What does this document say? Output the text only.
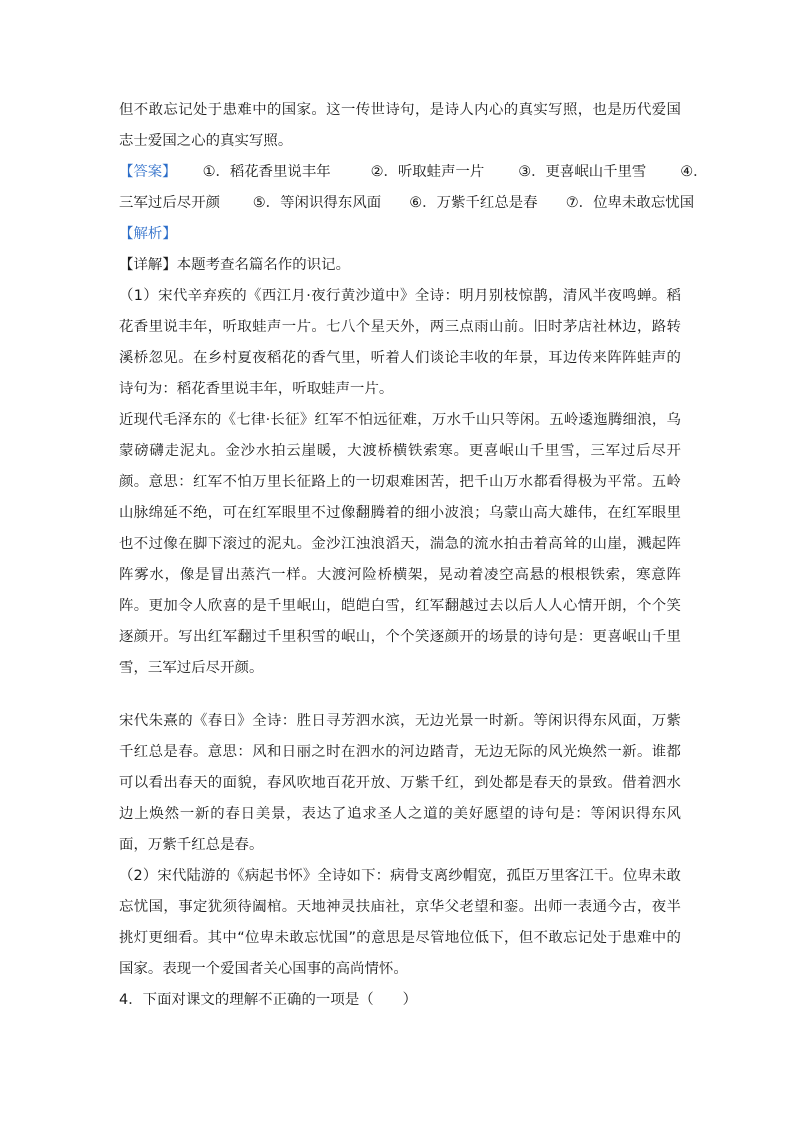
但不敢忘记处于患难中的国家。这一传世诗句，是诗人内心的真实写照，也是历代爱国志士爱国之心的真实写照。

【答案】 ①．稻花香里说丰年	②．听取蛙声一片 ③．更喜岷山千里雪 ④．

三军过后尽开颜 ⑤．等闲识得东风面 ⑥．万紫千红总是春 ⑦．位卑未敢忘忧国

【解析】

【详解】本题考查名篇名作的识记。

（1）宋代辛弃疾的《西江月·夜行黄沙道中》全诗：明月别枝惊鹊，清风半夜鸣蝉。稻花香里说丰年，听取蛙声一片。七八个星天外，两三点雨山前。旧时茅店社林边，路转溪桥忽见。在乡村夏夜稻花的香气里，听着人们谈论丰收的年景，耳边传来阵阵蛙声的诗句为：稻花香里说丰年，听取蛙声一片。

近现代毛泽东的《七律·长征》红军不怕远征难，万水千山只等闲。五岭逶迤腾细浪，乌蒙磅礴走泥丸。金沙水拍云崖暖，大渡桥横铁索寒。更喜岷山千里雪，三军过后尽开颜。意思：红军不怕万里长征路上的一切艰难困苦，把千山万水都看得极为平常。五岭山脉绵延不绝，可在红军眼里不过像翻腾着的细小波浪；乌蒙山高大雄伟，在红军眼里也不过像在脚下滚过的泥丸。金沙江浊浪滔天，湍急的流水拍击着高耸的山崖，溅起阵阵雾水，像是冒出蒸汽一样。大渡河险桥横架，晃动着凌空高悬的根根铁索，寒意阵阵。更加令人欣喜的是千里岷山，皑皑白雪，红军翻越过去以后人人心情开朗，个个笑逐颜开。写出红军翻过千里积雪的岷山，个个笑逐颜开的场景的诗句是：更喜岷山千里雪，三军过后尽开颜。

宋代朱熹的《春日》全诗：胜日寻芳泗水滨，无边光景一时新。等闲识得东风面，万紫千红总是春。意思：风和日丽之时在泗水的河边踏青，无边无际的风光焕然一新。谁都可以看出春天的面貌，春风吹地百花开放、万紫千红，到处都是春天的景致。借着泗水边上焕然一新的春日美景，表达了追求圣人之道的美好愿望的诗句是：等闲识得东风面，万紫千红总是春。

（2）宋代陆游的《病起书怀》全诗如下：病骨支离纱帽宽，孤臣万里客江干。位卑未敢忘忧国，事定犹须待阖棺。天地神灵扶庙社，京华父老望和銮。出师一表通今古，夜半挑灯更细看。其中“位卑未敢忘忧国”的意思是尽管地位低下，但不敢忘记处于患难中的国家。表现一个爱国者关心国事的高尚情怀。

4．下面对课文的理解不正确的一项是（　　）
